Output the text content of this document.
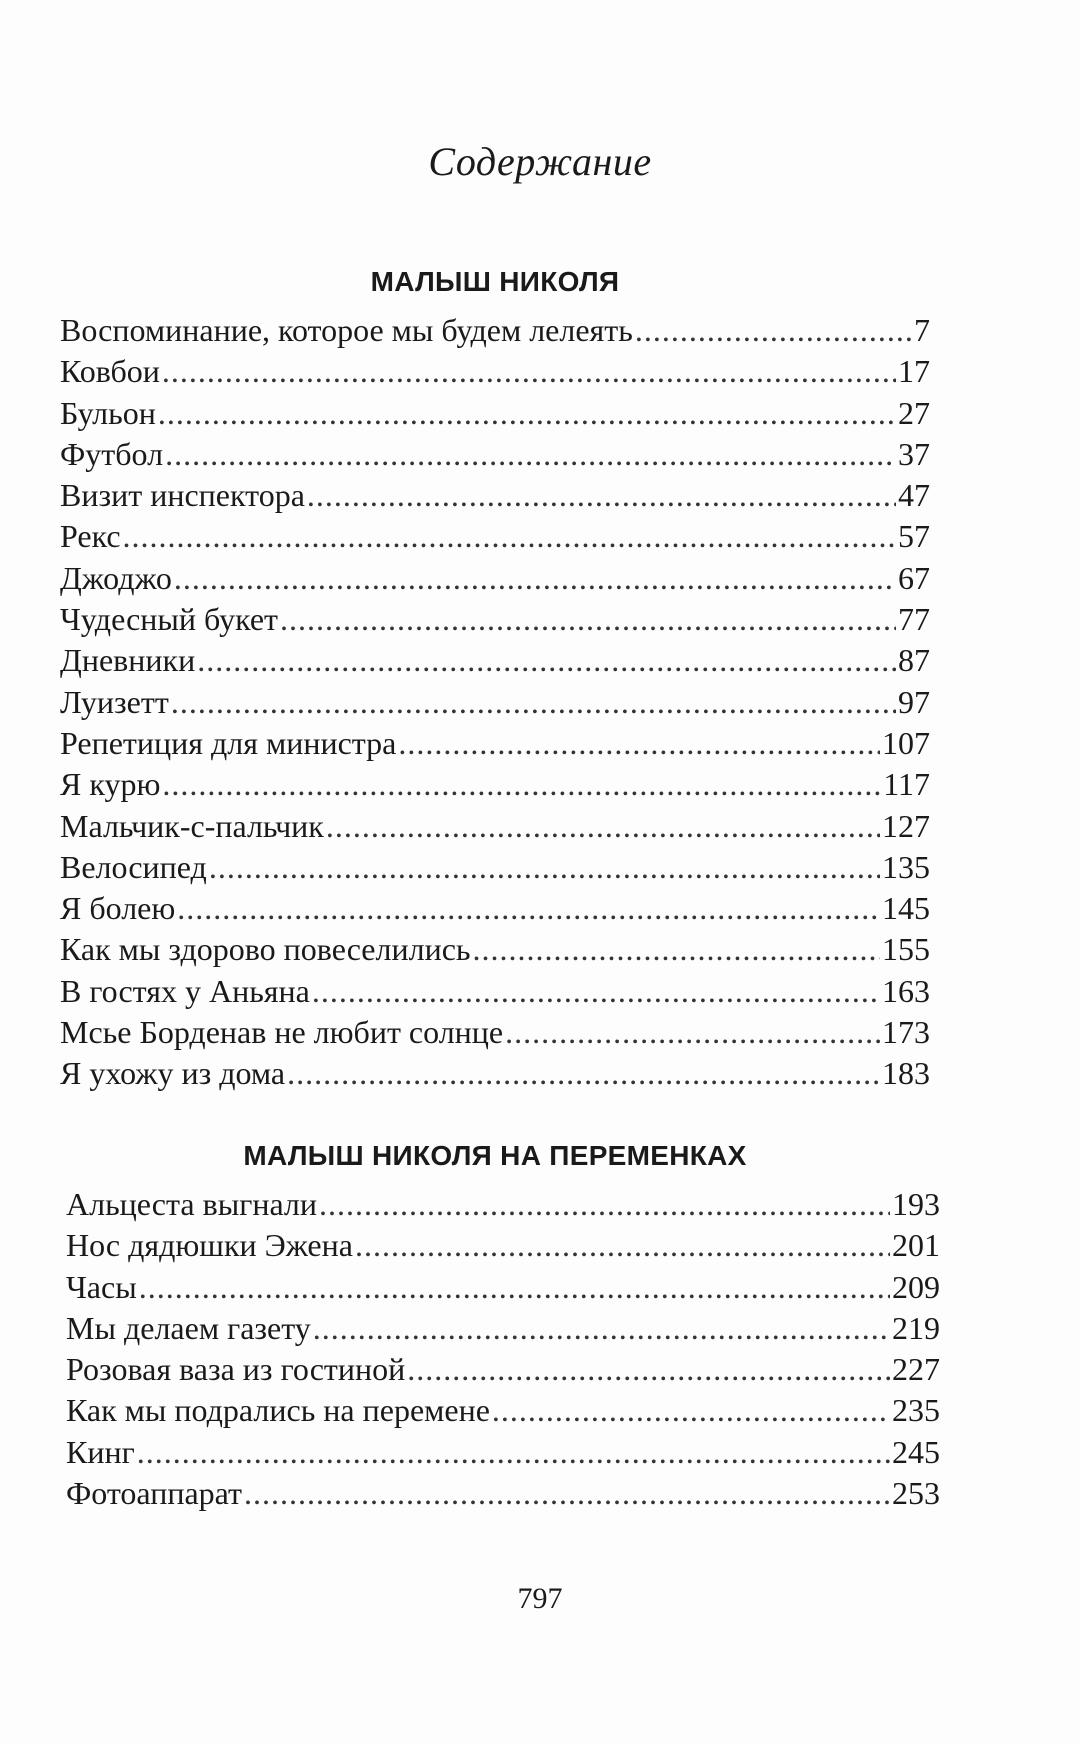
Содержание
МАЛЫШ НИКОЛЯ
Воспоминание, которое мы будем лелеять .....	7
Ковбои .....	17
Бульон .....	27
Футбол .....	37
Визит инспектора .....	47
Рекс .....	57
Джоджо .....	67
Чудесный букет .....	77
Дневники .....	87
Луизетт .....	97
Репетиция для министра .....	107
Я курю .....	117
Мальчик-с-пальчик .....	127
Велосипед .....	135
Я болею .....	145
Как мы здорово повеселились .....	155
В гостях у Аньяна .....	163
Мсье Борденав не любит солнце .....	173
Я ухожу из дома .....	183
МАЛЫШ НИКОЛЯ НА ПЕРЕМЕНКАХ
Альцеста выгнали .....	193
Нос дядюшки Эжена .....	201
Часы .....	209
Мы делаем газету .....	219
Розовая ваза из гостиной .....	227
Как мы подрались на перемене .....	235
Кинг .....	245
Фотоаппарат .....	253
797
